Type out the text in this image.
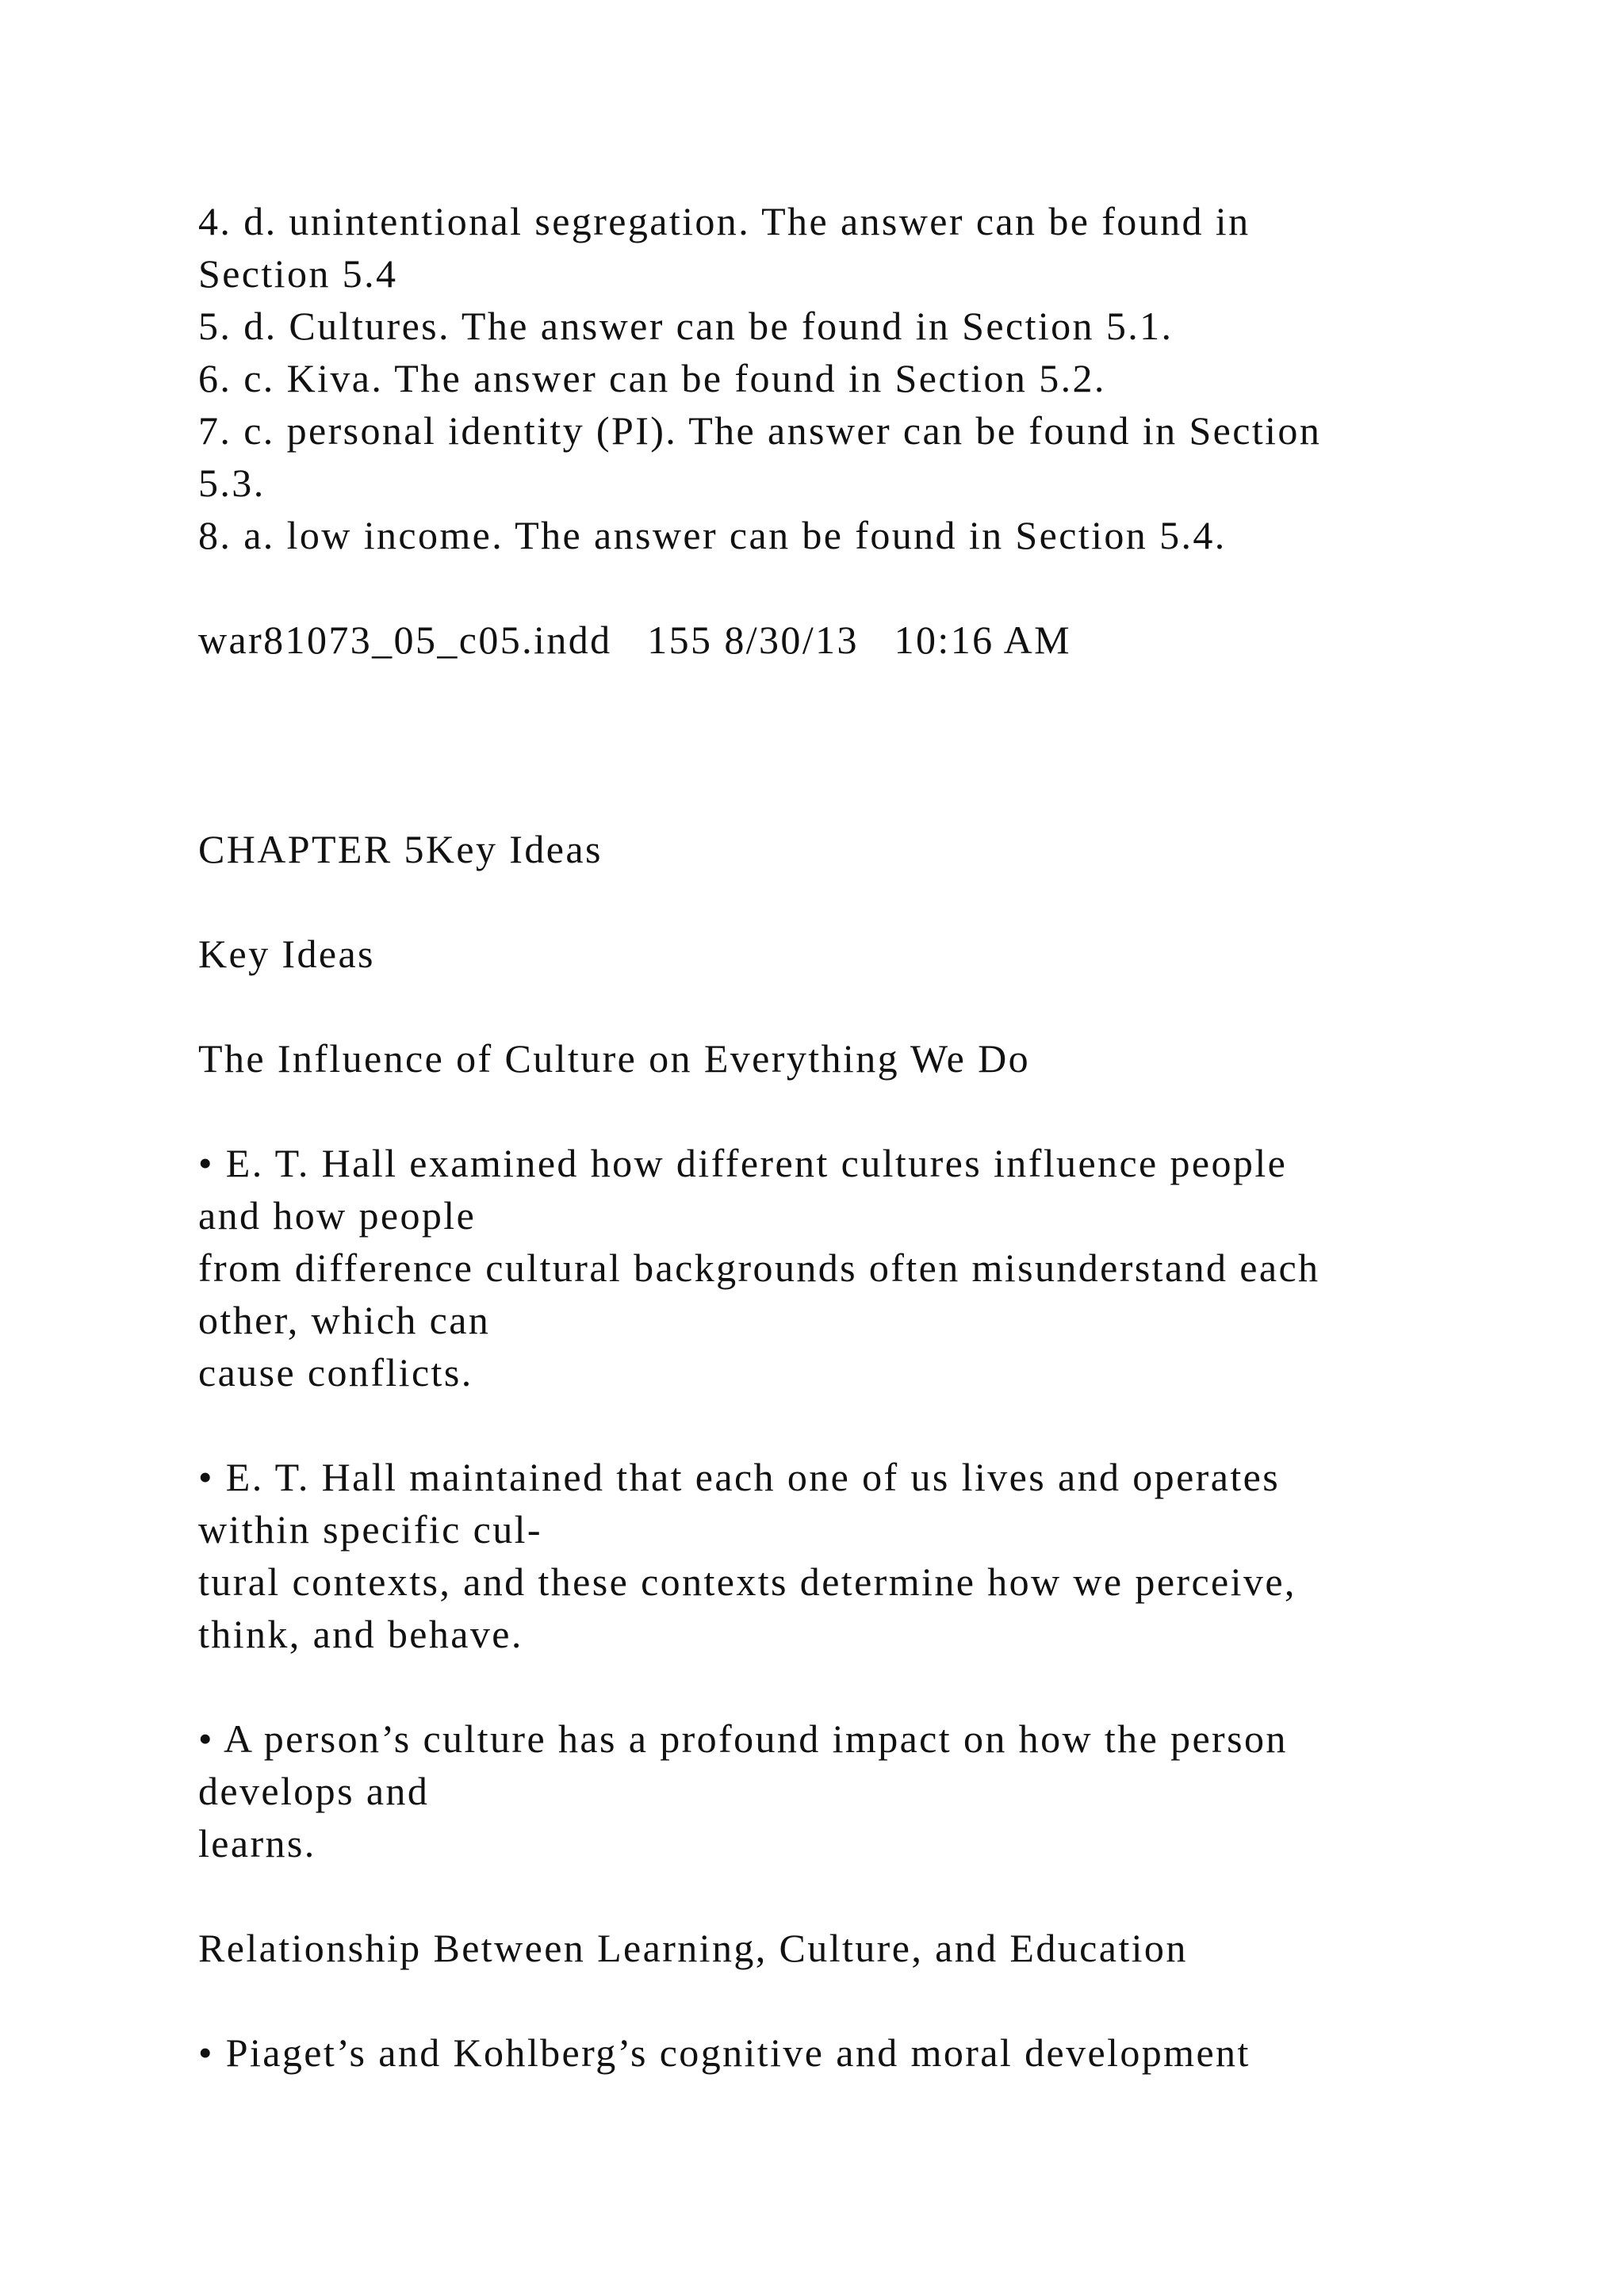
4. d. unintentional segregation. The answer can be found in
Section 5.4
5. d. Cultures. The answer can be found in Section 5.1.
6. c. Kiva. The answer can be found in Section 5.2.
7. c. personal identity (PI). The answer can be found in Section
5.3.
8. a. low income. The answer can be found in Section 5.4.
war81073_05_c05.indd   155 8/30/13   10:16 AM
CHAPTER 5Key Ideas
Key Ideas
The Influence of Culture on Everything We Do
• E. T. Hall examined how different cultures influence people
and how people
from difference cultural backgrounds often misunderstand each
other, which can
cause conflicts.
• E. T. Hall maintained that each one of us lives and operates
within specific cul-
tural contexts, and these contexts determine how we perceive,
think, and behave.
• A person’s culture has a profound impact on how the person
develops and
learns.
Relationship Between Learning, Culture, and Education
• Piaget’s and Kohlberg’s cognitive and moral development
